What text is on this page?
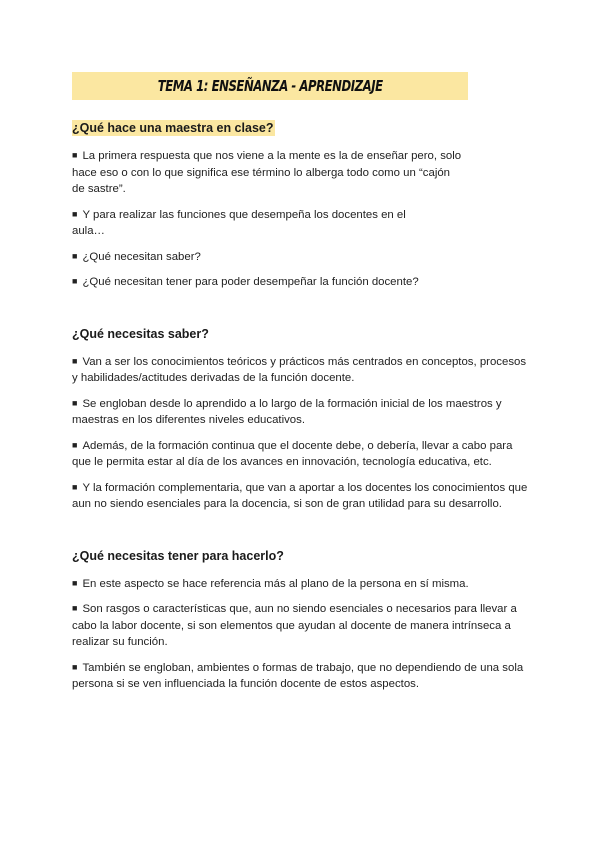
TEMA 1: ENSEÑANZA - APRENDIZAJE

¿Qué hace una maestra en clase?

■ La primera respuesta que nos viene a la mente es la de enseñar pero, solo hace eso o con lo que significa ese término lo alberga todo como un “cajón de sastre”.

■ Y para realizar las funciones que desempeña los docentes en el aula…

■ ¿Qué necesitan saber?

■ ¿Qué necesitan tener para poder desempeñar la función docente?

¿Qué necesitas saber?

■ Van a ser los conocimientos teóricos y prácticos más centrados en conceptos, procesos y habilidades/actitudes derivadas de la función docente.

■ Se engloban desde lo aprendido a lo largo de la formación inicial de los maestros y maestras en los diferentes niveles educativos.

■ Además, de la formación continua que el docente debe, o debería, llevar a cabo para que le permita estar al día de los avances en innovación, tecnología educativa, etc.

■ Y la formación complementaria, que van a aportar a los docentes los conocimientos que aun no siendo esenciales para la docencia, si son de gran utilidad para su desarrollo.

¿Qué necesitas tener para hacerlo?

■ En este aspecto se hace referencia más al plano de la persona en sí misma.

■ Son rasgos o características que, aun no siendo esenciales o necesarios para llevar a cabo la labor docente, si son elementos que ayudan al docente de manera intrínseca a realizar su función.

■ También se engloban, ambientes o formas de trabajo, que no dependiendo de una sola persona si se ven influenciada la función docente de estos aspectos.
